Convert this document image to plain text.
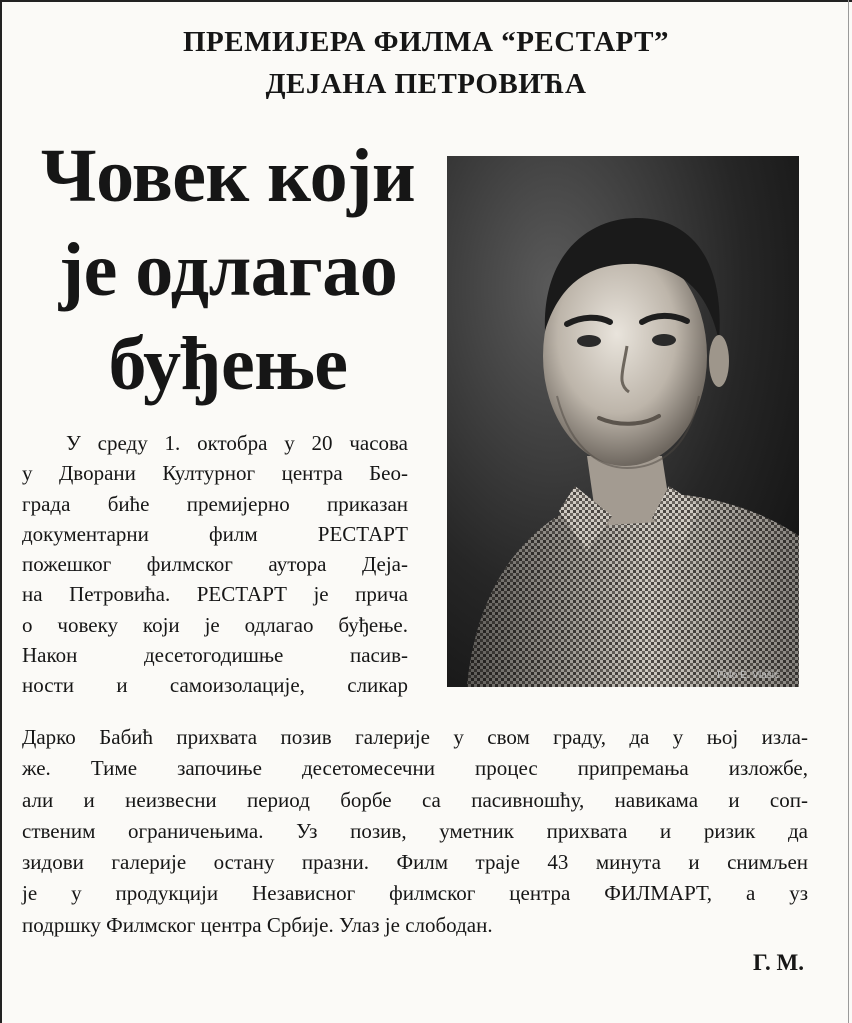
ПРЕМИЈЕРА ФИЛМА “РЕСТАРТ”
ДЕЈАНА ПЕТРОВИЋА
Човек који
је одлагао
буђење
Foto E. Vlašić
У среду 1. октобра у 20 часова
у Дворани Културног центра Бео-
града биће премијерно приказан
документарни филм РЕСТАРТ
пожешког филмског аутора Деја-
на Петровића. РЕСТАРТ је прича
о човеку који је одлагао буђење.
Након десетогодишње пасив-
ности и самоизолације, сликар
Дарко Бабић прихвата позив галерије у свом граду, да у њој изла-
же. Тиме започиње десетомесечни процес припремања изложбе,
али и неизвесни период борбе са пасивношћу, навикама и соп-
ственим ограничењима. Уз позив, уметник прихвата и ризик да
зидови галерије остану празни. Филм траје 43 минута и снимљен
је у продукцији Независног филмског центра ФИЛМАРТ, а уз
подршку Филмског центра Србије. Улаз је слободан.
Г. М.
